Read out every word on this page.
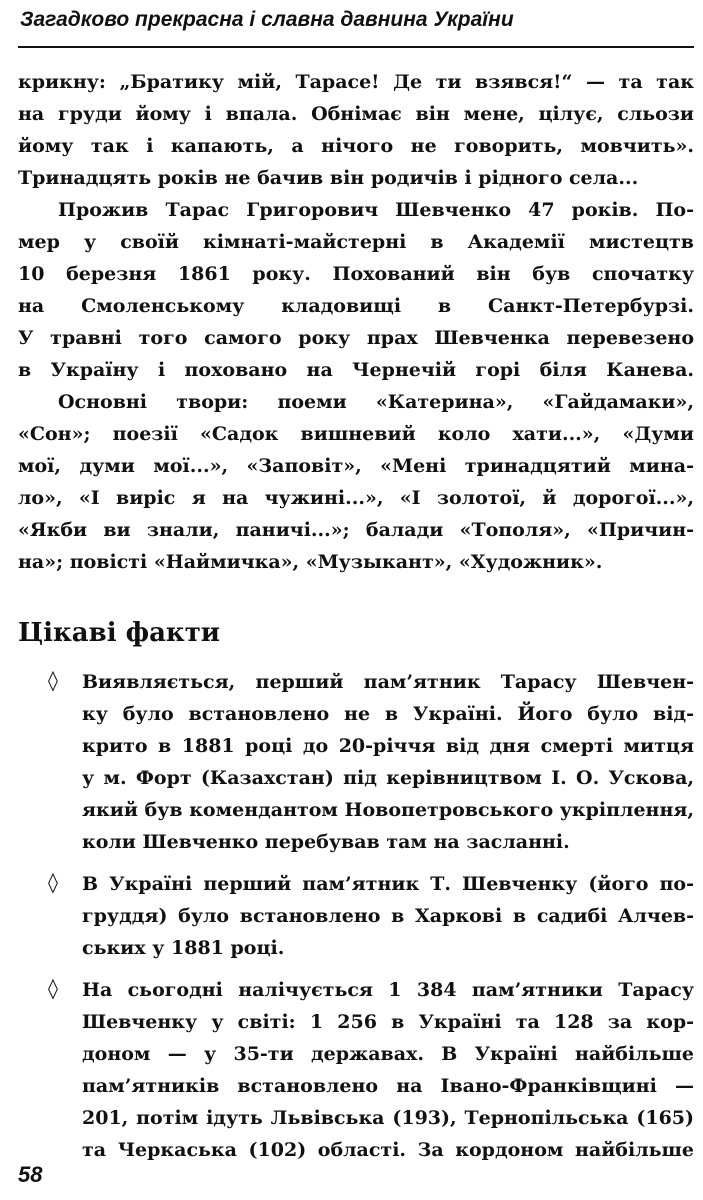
Загадково прекрасна і славна давнина України
крикну: „Братику мій, Тарасе! Де ти взявся!“ — та так
на груди йому і впала. Обнімає він мене, цілує, сльози
йому так і капають, а нічого не говорить, мовчить».
Тринадцять років не бачив він родичів і рідного села...
Прожив Тарас Григорович Шевченко 47 років. По-
мер у своїй кімнаті-майстерні в Академії мистецтв
10 березня 1861 року. Похований він був спочатку
на Смоленському кладовищі в Санкт-Петербурзі.
У травні того самого року прах Шевченка перевезено
в Україну і поховано на Чернечій горі біля Канева.
Основні твори: поеми «Катерина», «Гайдамаки»,
«Сон»; поезії «Садок вишневий коло хати...», «Думи
мої, думи мої...», «Заповіт», «Мені тринадцятий мина-
ло», «І виріс я на чужині...», «І золотої, й дорогої...»,
«Якби ви знали, паничі...»; балади «Тополя», «Причин-
на»; повісті «Наймичка», «Музыкант», «Художник».
Цікаві факти
◊ Виявляється, перший пам’ятник Тарасу Шевчен-
ку було встановлено не в Україні. Його було від-
крито в 1881 році до 20-річчя від дня смерті митця
у м. Форт (Казахстан) під керівництвом І. О. Ускова,
який був комендантом Новопетровського укріплення,
коли Шевченко перебував там на засланні.
◊ В Україні перший пам’ятник Т. Шевченку (його по-
груддя) було встановлено в Харкові в садибі Алчев-
ських у 1881 році.
◊ На сьогодні налічується 1 384 пам’ятники Тарасу
Шевченку у світі: 1 256 в Україні та 128 за кор-
доном — у 35-ти державах. В Україні найбільше
пам’ятників встановлено на Івано-Франківщині —
201, потім ідуть Львівська (193), Тернопільська (165)
та Черкаська (102) області. За кордоном найбільше
58
